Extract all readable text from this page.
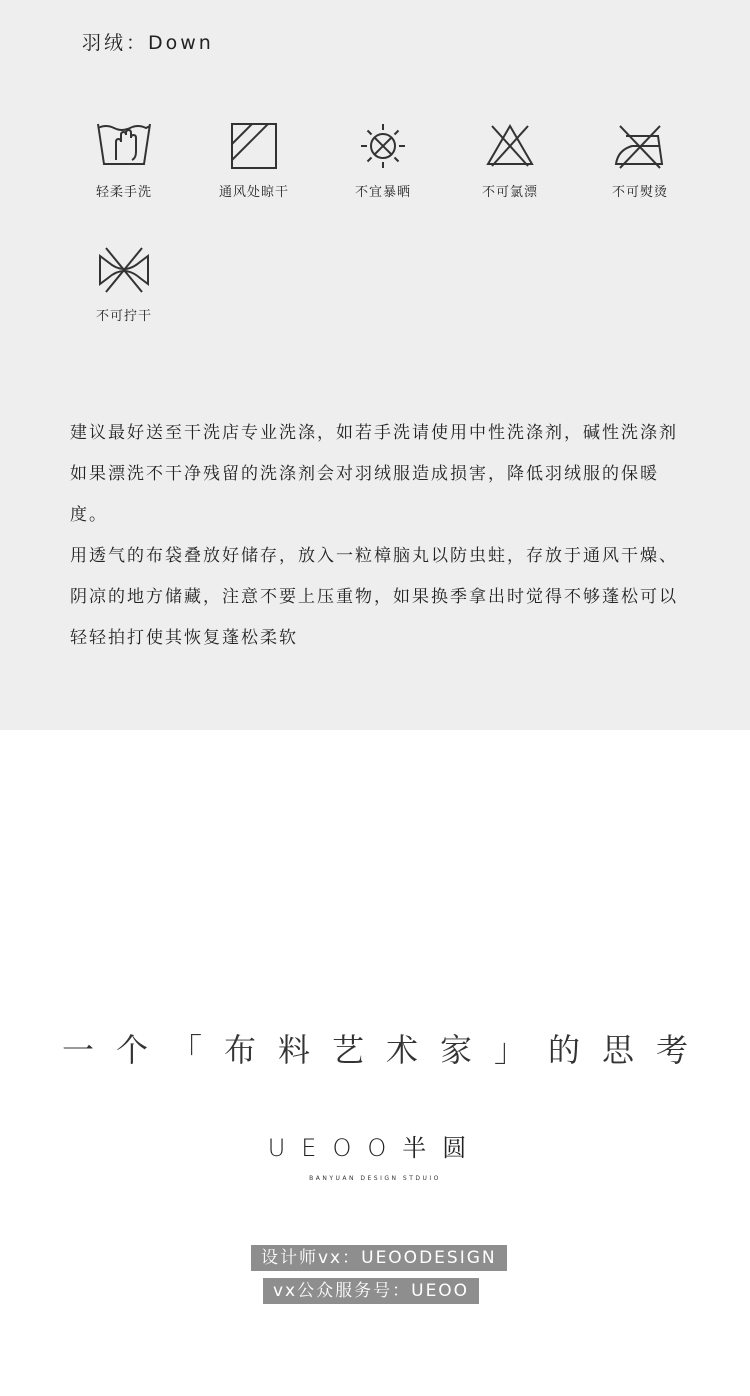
羽绒：Down
轻柔手洗	通风处晾干	不宜暴晒	不可氯漂	不可熨烫
不可拧干

建议最好送至干洗店专业洗涤，如若手洗请使用中性洗涤剂，碱性洗涤剂如果漂洗不干净残留的洗涤剂会对羽绒服造成损害，降低羽绒服的保暖度。

用透气的布袋叠放好储存，放入一粒樟脑丸以防虫蛀，存放于通风干燥、阴凉的地方储藏，注意不要上压重物，如果换季拿出时觉得不够蓬松可以轻轻拍打使其恢复蓬松柔软

一个「布料艺术家」的思考
UEOO半圆
BANYUAN DESIGN STDUIO
设计师vx：UEOODESIGN
vx公众服务号：UEOO
